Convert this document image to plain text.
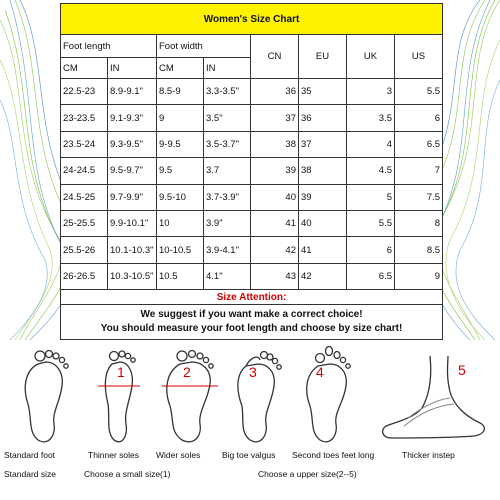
Women's Size Chart							
Foot length		Foot width		CN	EU	UK	US
CM	IN	CM	IN				
22.5-23	8.9-9.1"	8.5-9	3.3-3.5"	36	35	3	5.5
23-23.5	9.1-9.3"	9	3.5"	37	36	3.5	6
23.5-24	9.3-9.5"	9-9.5	3.5-3.7"	38	37	4	6.5
24-24.5	9.5-9.7"	9.5	3.7	39	38	4.5	7
24.5-25	9.7-9.9"	9.5-10	3.7-3.9"	40	39	5	7.5
25-25.5	9.9-10.1"	10	3.9"	41	40	5.5	8
25.5-26	10.1-10.3"	10-10.5	3.9-4.1"	42	41	6	8.5
26-26.5	10.3-10.5"	10.5	4.1"	43	42	6.5	9
Size Attention:							

We suggest if you want make a correct choice!
You should measure your foot length and choose by size chart!							
1	2	3	4	5
Standard foot	Thinner soles Wider soles	Big toe valgus Second toes feet long	Thicker instep
Standard size	Choose a small size(1)	Choose a upper size(2--5)
